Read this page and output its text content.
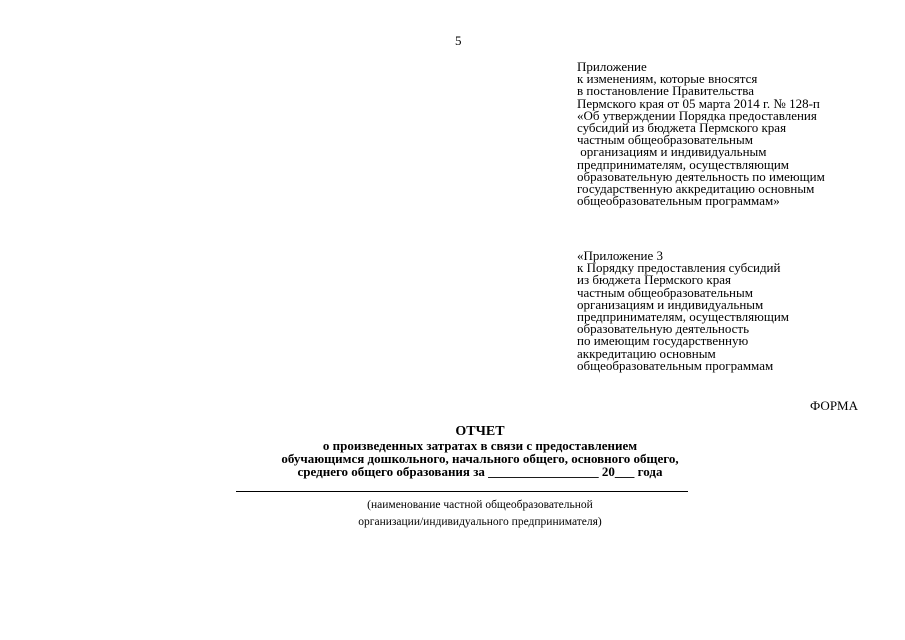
5
Приложение
к изменениям, которые вносятся
в постановление Правительства
Пермского края от 05 марта 2014 г. № 128-п
«Об утверждении Порядка предоставления
субсидий из бюджета Пермского края
частным общеобразовательным
организациям и индивидуальным
предпринимателям, осуществляющим
образовательную деятельность по имеющим
государственную аккредитацию основным
общеобразовательным программам»
«Приложение 3
к Порядку предоставления субсидий
из бюджета Пермского края
частным общеобразовательным
организациям и индивидуальным
предпринимателям, осуществляющим
образовательную деятельность
по имеющим государственную
аккредитацию основным
общеобразовательным программам
ФОРМА
ОТЧЕТ
о произведенных затратах в связи с предоставлением
обучающимся дошкольного, начального общего, основного общего,
среднего общего образования за _________________ 20___ года
(наименование частной общеобразовательной
организации/индивидуального предпринимателя)
